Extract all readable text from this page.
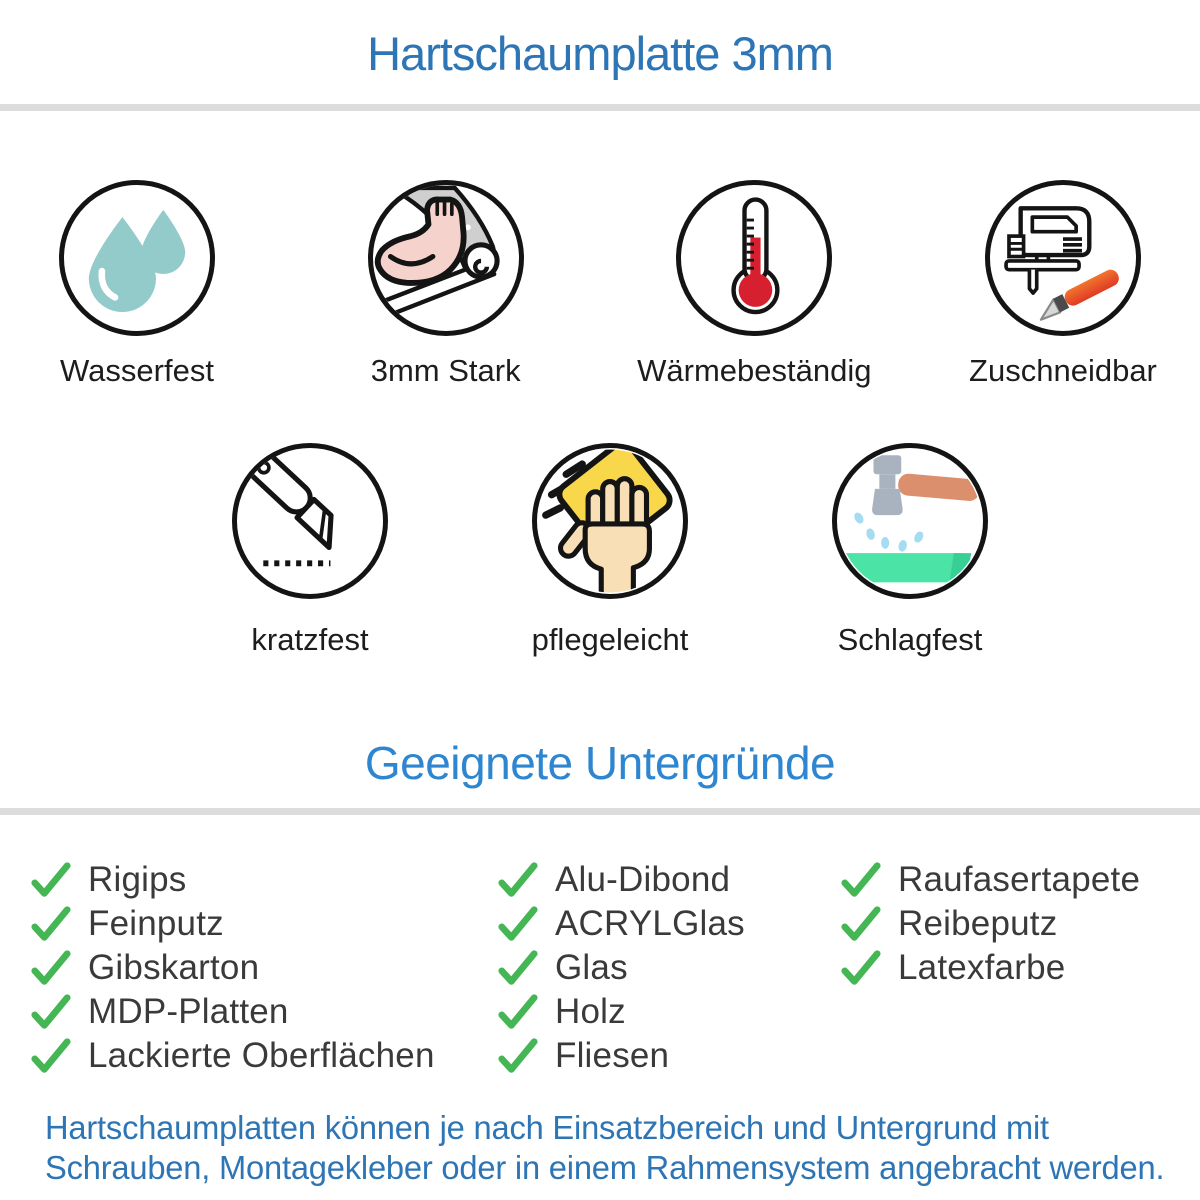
Hartschaumplatte 3mm
Wasserfest	3mm Stark	Wärmebeständig	Zuschneidbar
kratzfest	pflegeleicht	Schlagfest
Geeignete Untergründe
Rigips
Feinputz
Gibskarton
MDP-Platten
Lackierte Oberflächen
Alu-Dibond
ACRYLGlas
Glas
Holz
Fliesen
Raufasertapete
Reibeputz
Latexfarbe

Hartschaumplatten können je nach Einsatzbereich und Untergrund mit
Schrauben, Montagekleber oder in einem Rahmensystem angebracht werden.
